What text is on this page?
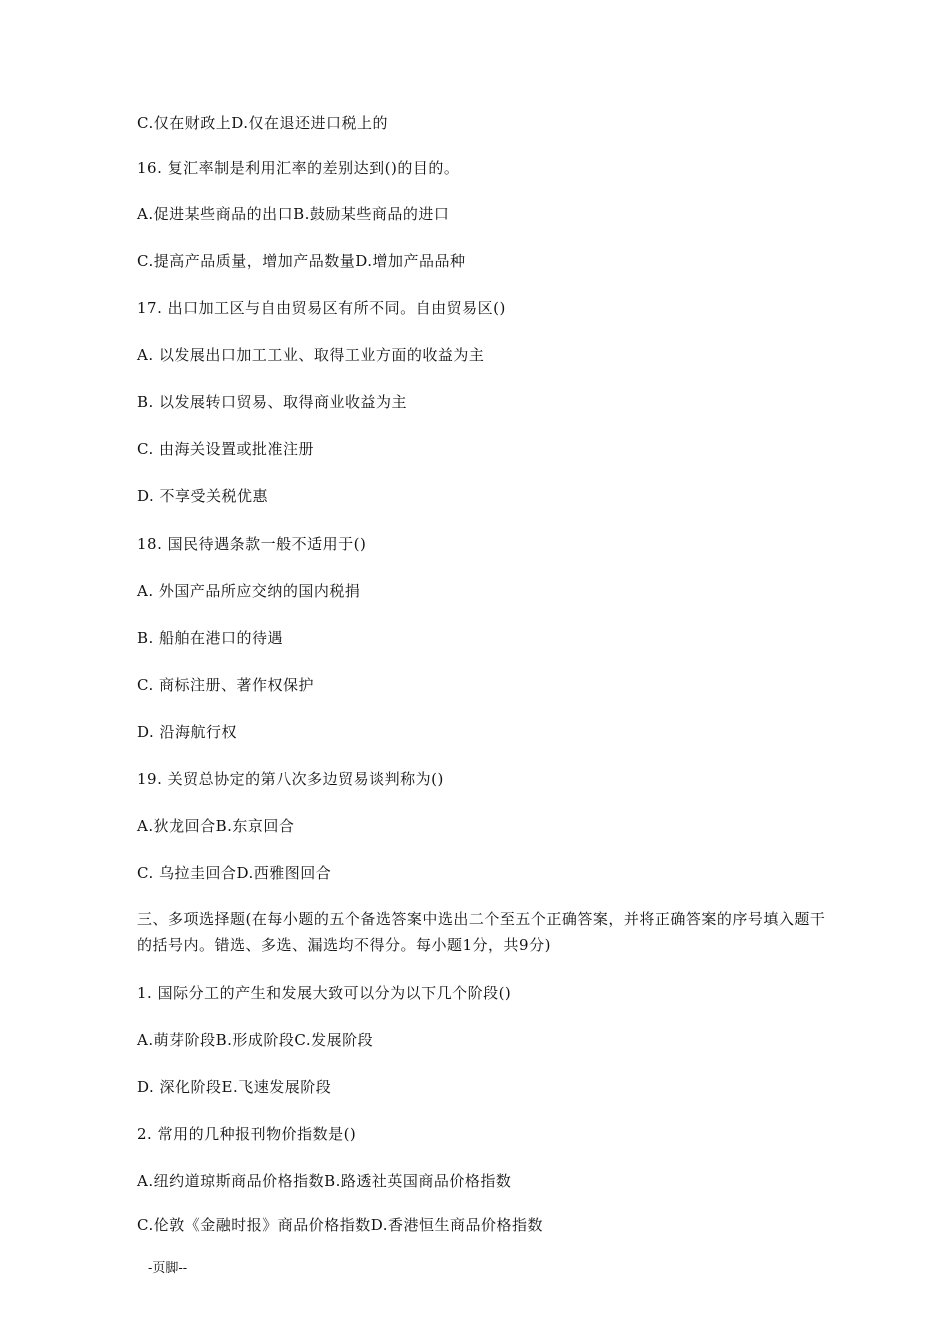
C.仅在财政上D.仅在退还进口税上的
16. 复汇率制是利用汇率的差别达到()的目的。
A.促进某些商品的出口B.鼓励某些商品的进口
C.提高产品质量，增加产品数量D.增加产品品种
17. 出口加工区与自由贸易区有所不同。自由贸易区()
A. 以发展出口加工工业、取得工业方面的收益为主
B. 以发展转口贸易、取得商业收益为主
C. 由海关设置或批准注册
D. 不享受关税优惠
18. 国民待遇条款一般不适用于()
A. 外国产品所应交纳的国内税捐
B. 船舶在港口的待遇
C. 商标注册、著作权保护
D. 沿海航行权
19. 关贸总协定的第八次多边贸易谈判称为()
A.狄龙回合B.东京回合
C. 乌拉圭回合D.西雅图回合
三、多项选择题(在每小题的五个备选答案中选出二个至五个正确答案，并将正确答案的序号填入题干的括号内。错选、多选、漏选均不得分。每小题1分，共9分)
1. 国际分工的产生和发展大致可以分为以下几个阶段()
A.萌芽阶段B.形成阶段C.发展阶段
D. 深化阶段E.飞速发展阶段
2. 常用的几种报刊物价指数是()
A.纽约道琼斯商品价格指数B.路透社英国商品价格指数
C.伦敦《金融时报》商品价格指数D.香港恒生商品价格指数
-页脚--
